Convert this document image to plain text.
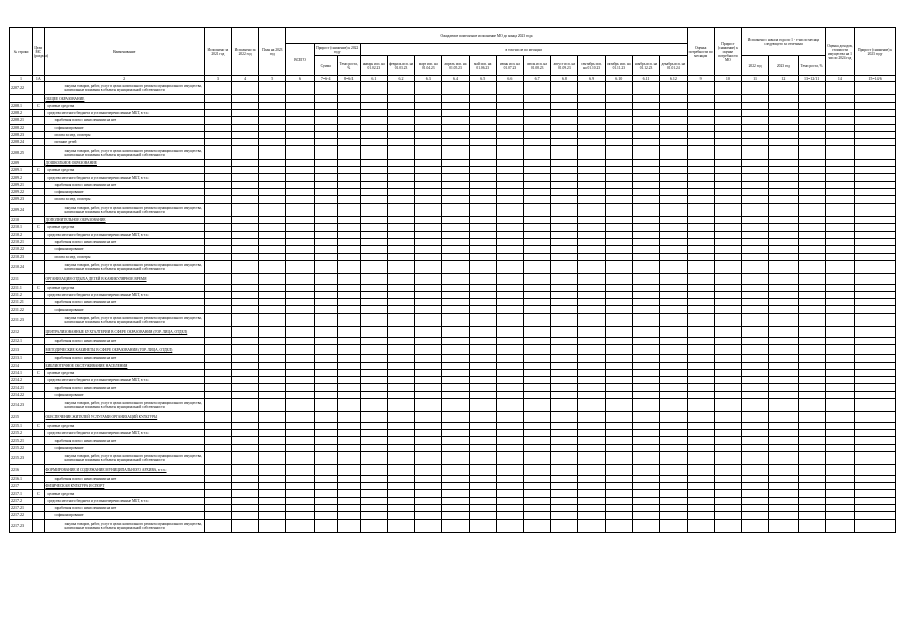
№ строки	Цели МС (раздела)	Наименование	Исполнено за 2021 год	Исполнено за 2022 год	План на 2023 год	Ожидаемое помесячное исполнение МО до конца 2023 года															Оценка потребности по месяцам	Прирост (снижение) к оценке потребности МО	Исполнено с начала года по 1 - е число месяца следующего за отчетным			Оценка доходов, стоимости имущества на 1 число 2024 год	Прирост (снижение) к 2023 году
						ВСЕГО	Прирост (снижение) к 2022 году		в том числе по месяцам																		
							Сумма	Темп роста, %	январь исп. на 01.02.23	февраль исп. на 01.03.23	март исп. на 01.04.23	апрель исп. на 01.05.23	май исп. на 01.06.23	июнь исп. на 01.07.23	июль исп. на 01.08.23	август исп. на 01.09.23	сентябрь исп. на 01.10.23	октябрь исп. на 01.11.23	ноябрь исп. на 01.12.23	декабрь исп. на 01.01.24			2022 год	2023 год	Темп роста, %		

1	1А	2	3	4	5	6	7=6-4	8=6/4	6.1	6.2	6.3	6.4	6.5	6.6	6.7	6.8	6.9	6.10	6.11	6.12	9	10	11	12	13=12/11	14	15=14/6
2207.22		закупка товаров, работ, услуг в целях капитального ремонта муниципального имущества, капитальные вложения в объекты муниципальной собственности																									
		ОБЩЕЕ ОБРАЗОВАНИЕ																									
2208.1	С	целевые средства																									
2208.2		средства местного бюджета и уст.вышеперечисленные МБТ, в т.ч.:																									
2208.21		заработная плата с начислениями на нее																									
2208.22		софинансирование																									
2208.23		оплата за мед. осмотры																									
2208.24		питание детей																									
2208.25		закупка товаров, работ, услуг в целях капитального ремонта муниципального имущества, капитальные вложения в объекты муниципальной собственности																									
2209		ДОШКОЛЬНОЕ ОБРАЗОВАНИЕ																									
2209.1	С	целевые средства																									
2209.2		средства местного бюджета и уст.вышеперечисленные МБТ, в т.ч.:																									
2209.21		заработная плата с начислениями на нее																									
2209.22		софинансирование																									
2209.23		оплата за мед. осмотры																									
2209.24		закупка товаров, работ, услуг в целях капитального ремонта муниципального имущества, капитальные вложения в объекты муниципальной собственности																									
2210		ДОПОЛНИТЕЛЬНОЕ ОБРАЗОВАНИЕ																									
2210.1	С	целевые средства																									
2210.2		средства местного бюджета и уст.вышеперечисленные МБТ, в т.ч.:																									
2210.21		заработная плата с начислениями на нее																									
2210.22		софинансирование																									
2210.23		оплата за мед. осмотры																									
2210.24		закупка товаров, работ, услуг в целях капитального ремонта муниципального имущества, капитальные вложения в объекты муниципальной собственности																									
2211		ОРГАНИЗАЦИЯ ОТДЫХА ДЕТЕЙ В КАНИКУЛЯРНОЕ ВРЕМЯ																									
2211.1	С	целевые средства																									
2211.2		средства местного бюджета и уст.вышеперечисленные МБТ, в т.ч.:																									
2211.21		заработная плата с начислениями на нее																									
2211.22		софинансирование																									
2211.23		закупка товаров, работ, услуг в целях капитального ремонта муниципального имущества, капитальные вложения в объекты муниципальной собственности																									
2212		ЦЕНТРАЛИЗОВАННЫЕ БУХГАЛТЕРИИ В СФЕРЕ ОБРАЗОВАНИЯ (ГОР. ЛИЦА, ОТДЕЛ)																									
2212.1		заработная плата с начислениями на нее																									
2213		МЕТОДИЧЕСКИЕ КАБИНЕТЫ В СФЕРЕ ОБРАЗОВАНИЯ (ГОР. ЛИЦА, ОТДЕЛ)																									
2213.1		заработная плата с начислениями на нее																									
2214		БИБЛИОТЕЧНОЕ ОБСЛУЖИВАНИЕ НАСЕЛЕНИЯ																									
2214.1	С	целевые средства																									
2214.2		средства местного бюджета и уст.вышеперечисленные МБТ, в т.ч.:																									
2214.21		заработная плата с начислениями на нее																									
2214.22		софинансирование																									
2214.23		закупка товаров, работ, услуг в целях капитального ремонта муниципального имущества, капитальные вложения в объекты муниципальной собственности																									
2215		ОБЕСПЕЧЕНИЕ ЖИТЕЛЕЙ УСЛУГАМИ ОРГАНИЗАЦИЙ КУЛЬТУРЫ																									
2215.1	С	целевые средства																									
2215.2		средства местного бюджета и уст.вышеперечисленные МБТ, в т.ч.:																									
2215.21		заработная плата с начислениями на нее																									
2215.22		софинансирование																									
2215.23		закупка товаров, работ, услуг в целях капитального ремонта муниципального имущества, капитальные вложения в объекты муниципальной собственности																									
2216		ФОРМИРОВАНИЕ И СОДЕРЖАНИЕ МУНИЦИПАЛЬНОГО АРХИВА, в т.ч.:																									
2216.1		заработная плата с начислениями на нее																									
2217		ФИЗИЧЕСКАЯ КУЛЬТУРА И СПОРТ																									
2217.1	С	целевые средства																									
2217.2		средства местного бюджета и уст.вышеперечисленные МБТ, в т.ч.:																									
2217.21		заработная плата с начислениями на нее																									
2217.22		софинансирование																									
2217.23		закупка товаров, работ, услуг в целях капитального ремонта муниципального имущества, капитальные вложения в объекты муниципальной собственности																									
